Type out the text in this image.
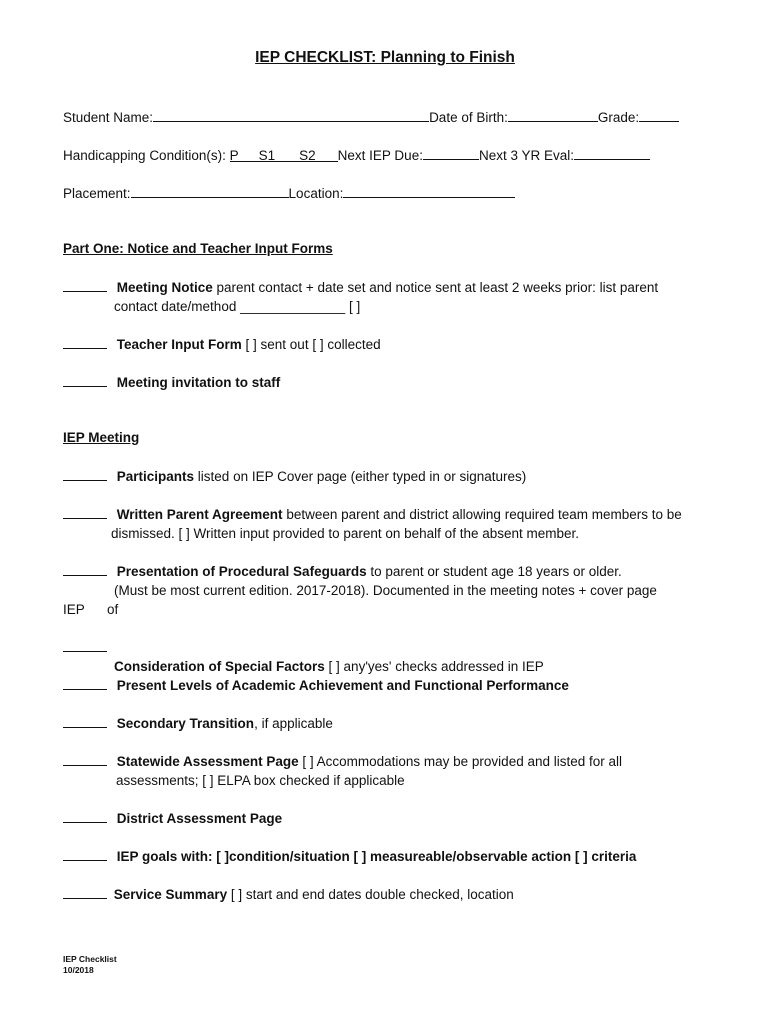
IEP CHECKLIST: Planning to Finish
Student Name:	Date of Birth:	Grade:
Handicapping Condition(s): P S1 S2 Next IEP Due:	Next 3 YR Eval:
Placement:	Location:
Part One: Notice and Teacher Input Forms
Meeting Notice parent contact + date set and notice sent at least 2 weeks prior: list parent
contact date/method ______________ [ ]
Teacher Input Form [ ] sent out [ ] collected
Meeting invitation to staff
IEP Meeting
Participants listed on IEP Cover page (either typed in or signatures)
Written Parent Agreement between parent and district allowing required team members to be
dismissed. [ ] Written input provided to parent on behalf of the absent member.
Presentation of Procedural Safeguards to parent or student age 18 years or older.
(Must be most current edition. 2017-2018). Documented in the meeting notes + cover page
IEP of
Consideration of Special Factors [ ] any'yes' checks addressed in IEP
Present Levels of Academic Achievement and Functional Performance
Secondary Transition, if applicable
Statewide Assessment Page [ ] Accommodations may be provided and listed for all
assessments; [ ] ELPA box checked if applicable
District Assessment Page
IEP goals with: [ ]condition/situation [ ] measureable/observable action [ ] criteria
Service Summary [ ] start and end dates double checked, location
IEP Checklist
10/2018
